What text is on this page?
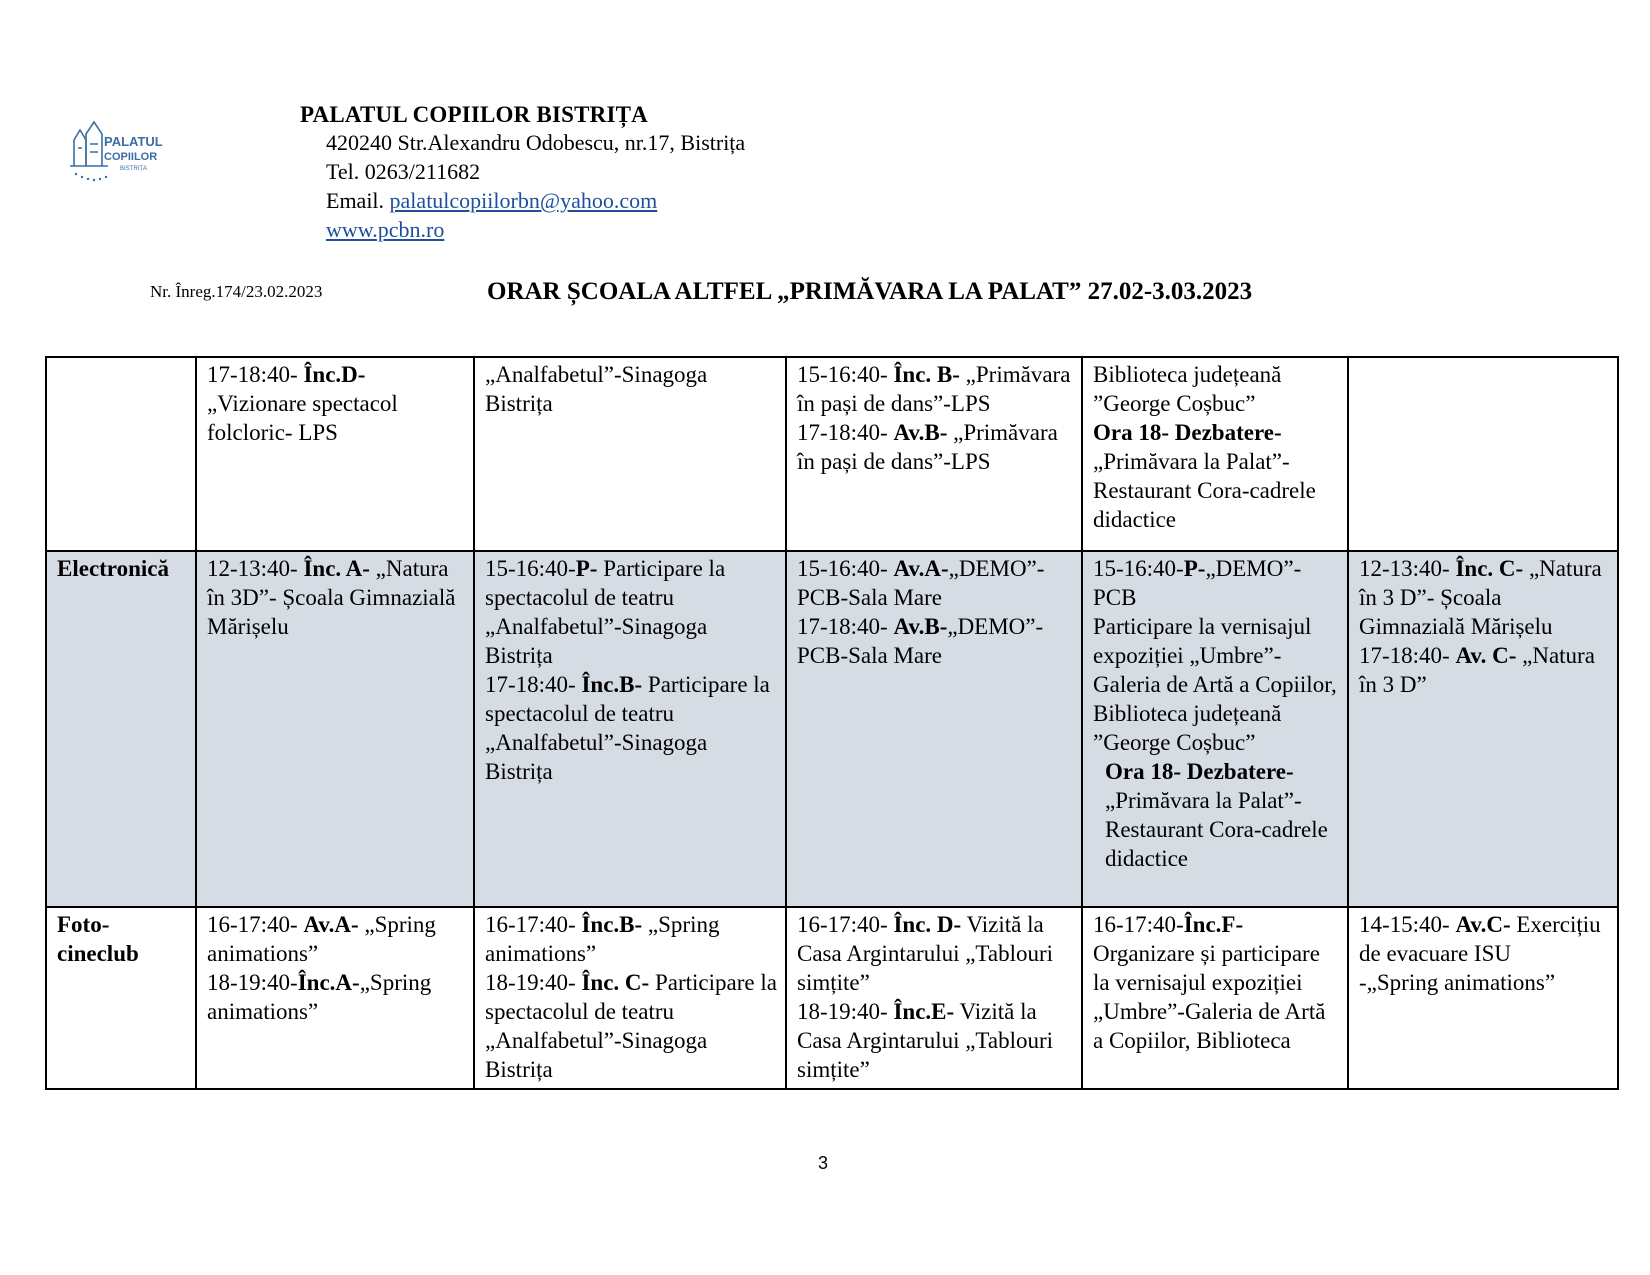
PALATUL
COPIILOR
BISTRIȚA
PALATUL COPIILOR BISTRIȚA
420240 Str.Alexandru Odobescu, nr.17, Bistrița
Tel. 0263/211682
Email. palatulcopiilorbn@yahoo.com
www.pcbn.ro
Nr. Înreg.174/23.02.2023	ORAR ȘCOALA ALTFEL „PRIMĂVARA LA PALAT” 27.02-3.03.2023

	17-18:40- Înc.D-
„Vizionare spectacol folcloric- LPS	„Analfabetul”-Sinagoga Bistrița	15-16:40- Înc. B- „Primăvara în pași de dans”-LPS
17-18:40- Av.B- „Primăvara în pași de dans”-LPS	Biblioteca județeană ”George Coșbuc”
Ora 18- Dezbatere- „Primăvara la Palat”-Restaurant Cora-cadrele didactice	

Electronică	12-13:40- Înc. A- „Natura în 3D”- Școala Gimnazială Mărișelu	15-16:40-P- Participare la spectacolul de teatru „Analfabetul”-Sinagoga Bistrița
17-18:40- Înc.B- Participare la spectacolul de teatru „Analfabetul”-Sinagoga Bistrița	15-16:40- Av.A-„DEMO”-PCB-Sala Mare
17-18:40- Av.B-„DEMO”-PCB-Sala Mare	15-16:40-P-„DEMO”-PCB
Participare la vernisajul expoziției „Umbre”-Galeria de Artă a Copiilor, Biblioteca județeană ”George Coșbuc”
Ora 18- Dezbatere- „Primăvara la Palat”-Restaurant Cora-cadrele didactice	12-13:40- Înc. C- „Natura în 3 D”- Școala Gimnazială Mărișelu
17-18:40- Av. C- „Natura în 3 D”

Foto-cineclub	16-17:40- Av.A- „Spring animations”
18-19:40-Înc.A-„Spring animations”	16-17:40- Înc.B- „Spring animations”
18-19:40- Înc. C- Participare la spectacolul de teatru „Analfabetul”-Sinagoga Bistrița	16-17:40- Înc. D- Vizită la Casa Argintarului „Tablouri simțite”
18-19:40- Înc.E- Vizită la Casa Argintarului „Tablouri simțite”	16-17:40-Înc.F- Organizare și participare la vernisajul expoziției „Umbre”-Galeria de Artă a Copiilor, Biblioteca	14-15:40- Av.C- Exercițiu de evacuare ISU
-„Spring animations”
3
